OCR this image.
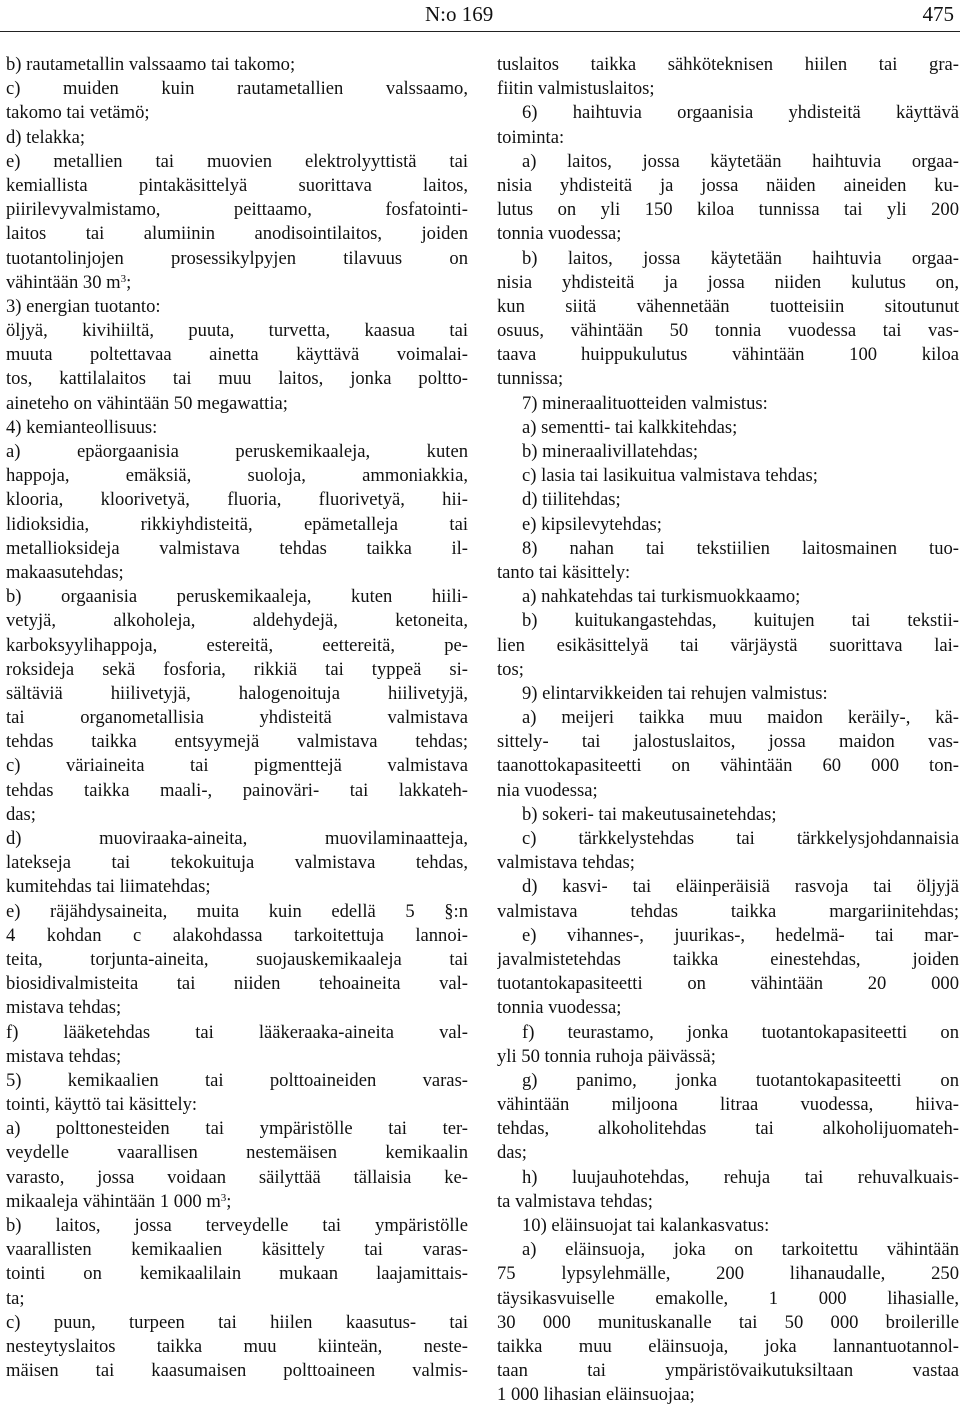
N:o 169	475
b) rautametallin valssaamo tai takomo;
c) muiden kuin rautametallien valssaamo,
takomo tai vetämö;
d) telakka;
e) metallien tai muovien elektrolyyttistä tai
kemiallista pintakäsittelyä suorittava laitos,
piirilevyvalmistamo, peittaamo, fosfatointi-
laitos tai alumiinin anodisointilaitos, joiden
tuotantolinjojen prosessikylpyjen tilavuus on
vähintään 30 $m^3$;
3) energian tuotanto:
öljyä, kivihiiltä, puuta, turvetta, kaasua tai
muuta poltettavaa ainetta käyttävä voimalai-
tos, kattilalaitos tai muu laitos, jonka poltto-
aineteho on vähintään 50 megawattia;
4) kemianteollisuus:
a) epäorgaanisia peruskemikaaleja, kuten
happoja, emäksiä, suoloja, ammoniakkia,
klooria, kloorivetyä, fluoria, fluorivetyä, hii-
lidioksidia, rikkiyhdisteitä, epämetalleja tai
metallioksideja valmistava tehdas taikka il-
makaasutehdas;
b) orgaanisia peruskemikaaleja, kuten hiili-
vetyjä, alkoholeja, aldehydejä, ketoneita,
karboksyylihappoja, estereitä, eettereitä, pe-
roksideja sekä fosforia, rikkiä tai typpeä si-
sältäviä hiilivetyjä, halogenoituja hiilivetyjä,
tai organometallisia yhdisteitä valmistava
tehdas taikka entsyymejä valmistava tehdas;
c) väriaineita tai pigmenttejä valmistava
tehdas taikka maali-, painoväri- tai lakkateh-
das;
d) muoviraaka-aineita, muovilaminaatteja,
latekseja tai tekokuituja valmistava tehdas,
kumitehdas tai liimatehdas;
e) räjähdysaineita, muita kuin edellä 5 §:n
4 kohdan c alakohdassa tarkoitettuja lannoi-
teita, torjunta-aineita, suojauskemikaaleja tai
biosidivalmisteita tai niiden tehoaineita val-
mistava tehdas;
f) lääketehdas tai lääkeraaka-aineita val-
mistava tehdas;
5) kemikaalien tai polttoaineiden varas-
tointi, käyttö tai käsittely:
a) polttonesteiden tai ympäristölle tai ter-
veydelle vaarallisen nestemäisen kemikaalin
varasto, jossa voidaan säilyttää tällaisia ke-
mikaaleja vähintään 1 000 $m^3$;
b) laitos, jossa terveydelle tai ympäristölle
vaarallisten kemikaalien käsittely tai varas-
tointi on kemikaalilain mukaan laajamittais-
ta;
c) puun, turpeen tai hiilen kaasutus- tai
nesteytyslaitos taikka muu kiinteän, neste-
mäisen tai kaasumaisen polttoaineen valmis-
tuslaitos taikka sähköteknisen hiilen tai gra-
fiitin valmistuslaitos;
6) haihtuvia orgaanisia yhdisteitä käyttävä
toiminta:
a) laitos, jossa käytetään haihtuvia orgaa-
nisia yhdisteitä ja jossa näiden aineiden ku-
lutus on yli 150 kiloa tunnissa tai yli 200
tonnia vuodessa;
b) laitos, jossa käytetään haihtuvia orgaa-
nisia yhdisteitä ja jossa niiden kulutus on,
kun siitä vähennetään tuotteisiin sitoutunut
osuus, vähintään 50 tonnia vuodessa tai vas-
taava huippukulutus vähintään 100 kiloa
tunnissa;
7) mineraalituotteiden valmistus:
a) sementti- tai kalkkitehdas;
b) mineraalivillatehdas;
c) lasia tai lasikuitua valmistava tehdas;
d) tiilitehdas;
e) kipsilevytehdas;
8) nahan tai tekstiilien laitosmainen tuo-
tanto tai käsittely:
a) nahkatehdas tai turkismuokkaamo;
b) kuitukangastehdas, kuitujen tai tekstii-
lien esikäsittelyä tai värjäystä suorittava lai-
tos;
9) elintarvikkeiden tai rehujen valmistus:
a) meijeri taikka muu maidon keräily-, kä-
sittely- tai jalostuslaitos, jossa maidon vas-
taanottokapasiteetti on vähintään 60 000 ton-
nia vuodessa;
b) sokeri- tai makeutusainetehdas;
c) tärkkelystehdas tai tärkkelysjohdannaisia
valmistava tehdas;
d) kasvi- tai eläinperäisiä rasvoja tai öljyjä
valmistava tehdas taikka margariinitehdas;
e) vihannes-, juurikas-, hedelmä- tai mar-
javalmistetehdas taikka einestehdas, joiden
tuotantokapasiteetti on vähintään 20 000
tonnia vuodessa;
f) teurastamo, jonka tuotantokapasiteetti on
yli 50 tonnia ruhoja päivässä;
g) panimo, jonka tuotantokapasiteetti on
vähintään miljoona litraa vuodessa, hiiva-
tehdas, alkoholitehdas tai alkoholijuomateh-
das;
h) luujauhotehdas, rehuja tai rehuvalkuais-
ta valmistava tehdas;
10) eläinsuojat tai kalankasvatus:
a) eläinsuoja, joka on tarkoitettu vähintään
75 lypsylehmälle, 200 lihanaudalle, 250
täysikasvuiselle emakolle, 1 000 lihasialle,
30 000 munituskanalle tai 50 000 broilerille
taikka muu eläinsuoja, joka lannantuotannol-
taan tai ympäristövaikutuksiltaan vastaa
1 000 lihasian eläinsuojaa;
